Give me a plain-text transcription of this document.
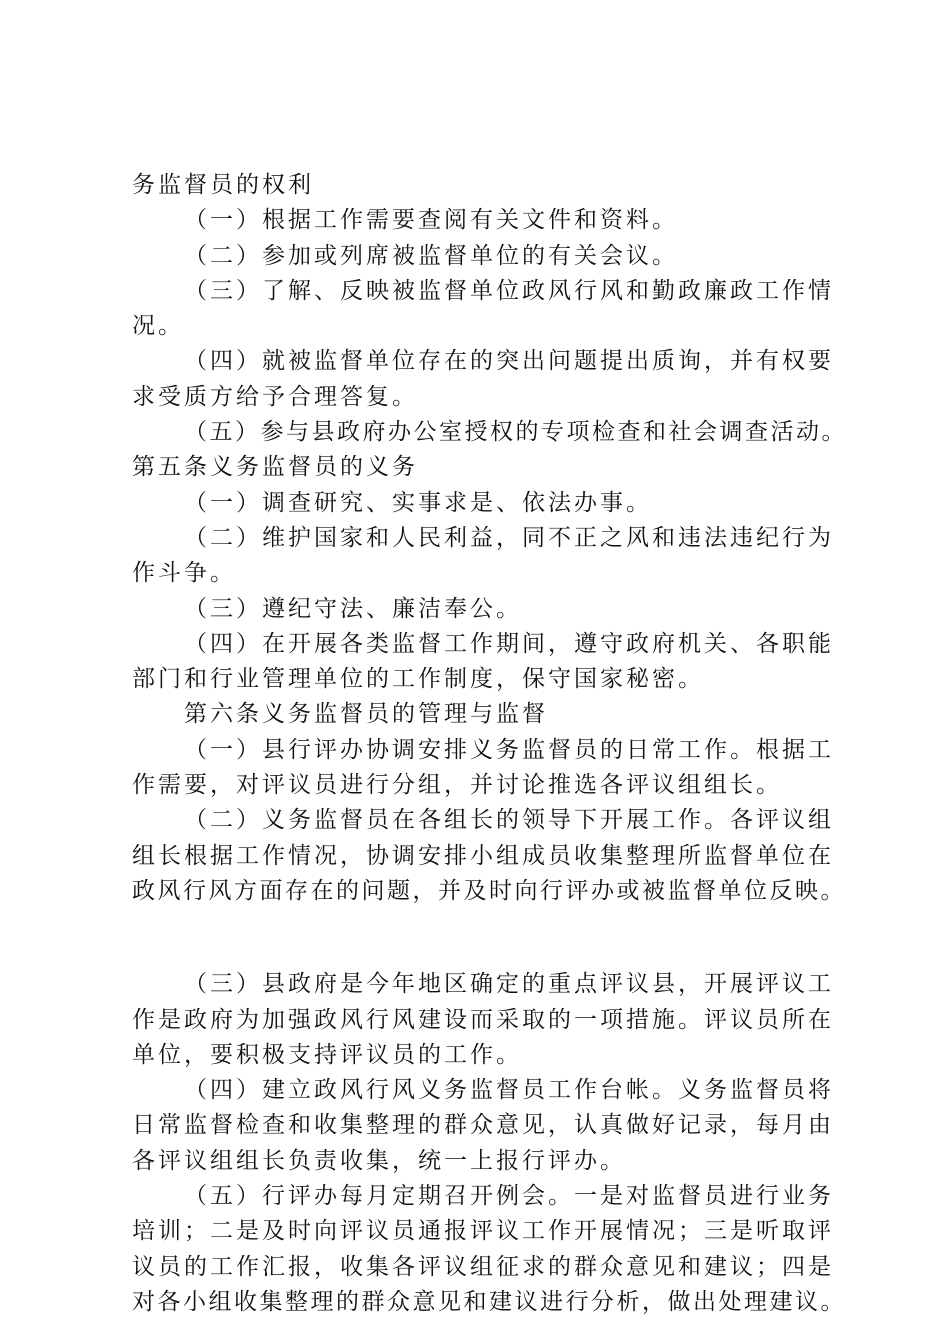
务监督员的权利
（一）根据工作需要查阅有关文件和资料。
（二）参加或列席被监督单位的有关会议。
（三）了解、反映被监督单位政风行风和勤政廉政工作情
况。
（四）就被监督单位存在的突出问题提出质询，并有权要
求受质方给予合理答复。
（五）参与县政府办公室授权的专项检查和社会调查活动。
第五条义务监督员的义务
（一）调查研究、实事求是、依法办事。
（二）维护国家和人民利益，同不正之风和违法违纪行为
作斗争。
（三）遵纪守法、廉洁奉公。
（四）在开展各类监督工作期间，遵守政府机关、各职能
部门和行业管理单位的工作制度，保守国家秘密。
第六条义务监督员的管理与监督
（一）县行评办协调安排义务监督员的日常工作。根据工
作需要，对评议员进行分组，并讨论推选各评议组组长。
（二）义务监督员在各组长的领导下开展工作。各评议组
组长根据工作情况，协调安排小组成员收集整理所监督单位在
政风行风方面存在的问题，并及时向行评办或被监督单位反映。
（三）县政府是今年地区确定的重点评议县，开展评议工
作是政府为加强政风行风建设而采取的一项措施。评议员所在
单位，要积极支持评议员的工作。
（四）建立政风行风义务监督员工作台帐。义务监督员将
日常监督检查和收集整理的群众意见，认真做好记录，每月由
各评议组组长负责收集，统一上报行评办。
（五）行评办每月定期召开例会。一是对监督员进行业务
培训；二是及时向评议员通报评议工作开展情况；三是听取评
议员的工作汇报，收集各评议组征求的群众意见和建议；四是
对各小组收集整理的群众意见和建议进行分析，做出处理建议。
